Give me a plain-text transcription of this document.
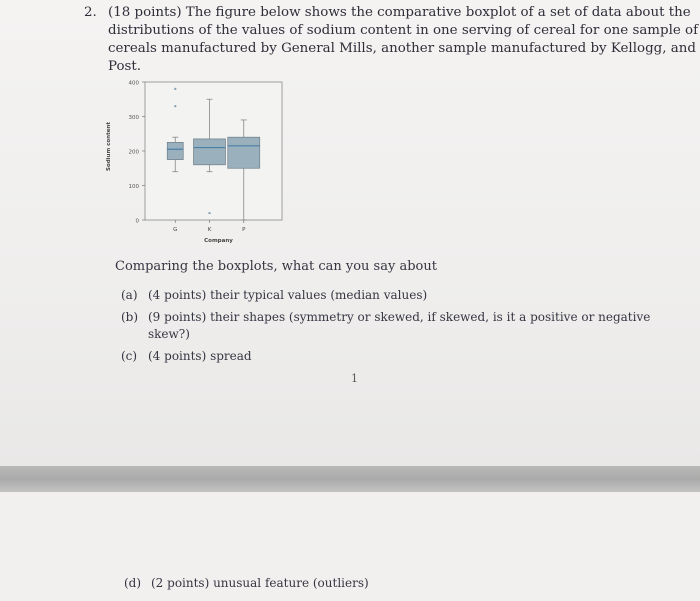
2. (18 points) The figure below shows the comparative boxplot of a set of data about the
distributions of the values of sodium content in one serving of cereal for one sample of
cereals manufactured by General Mills, another sample manufactured by Kellogg, and
Post.
0
100
200
300
400
Sodium content
G	K	P
Company
Comparing the boxplots, what can you say about
(a) (4 points) their typical values (median values)
(b) (9 points) their shapes (symmetry or skewed, if skewed, is it a positive or negative
skew?)
(c) (4 points) spread
1
(d) (2 points) unusual feature (outliers)
